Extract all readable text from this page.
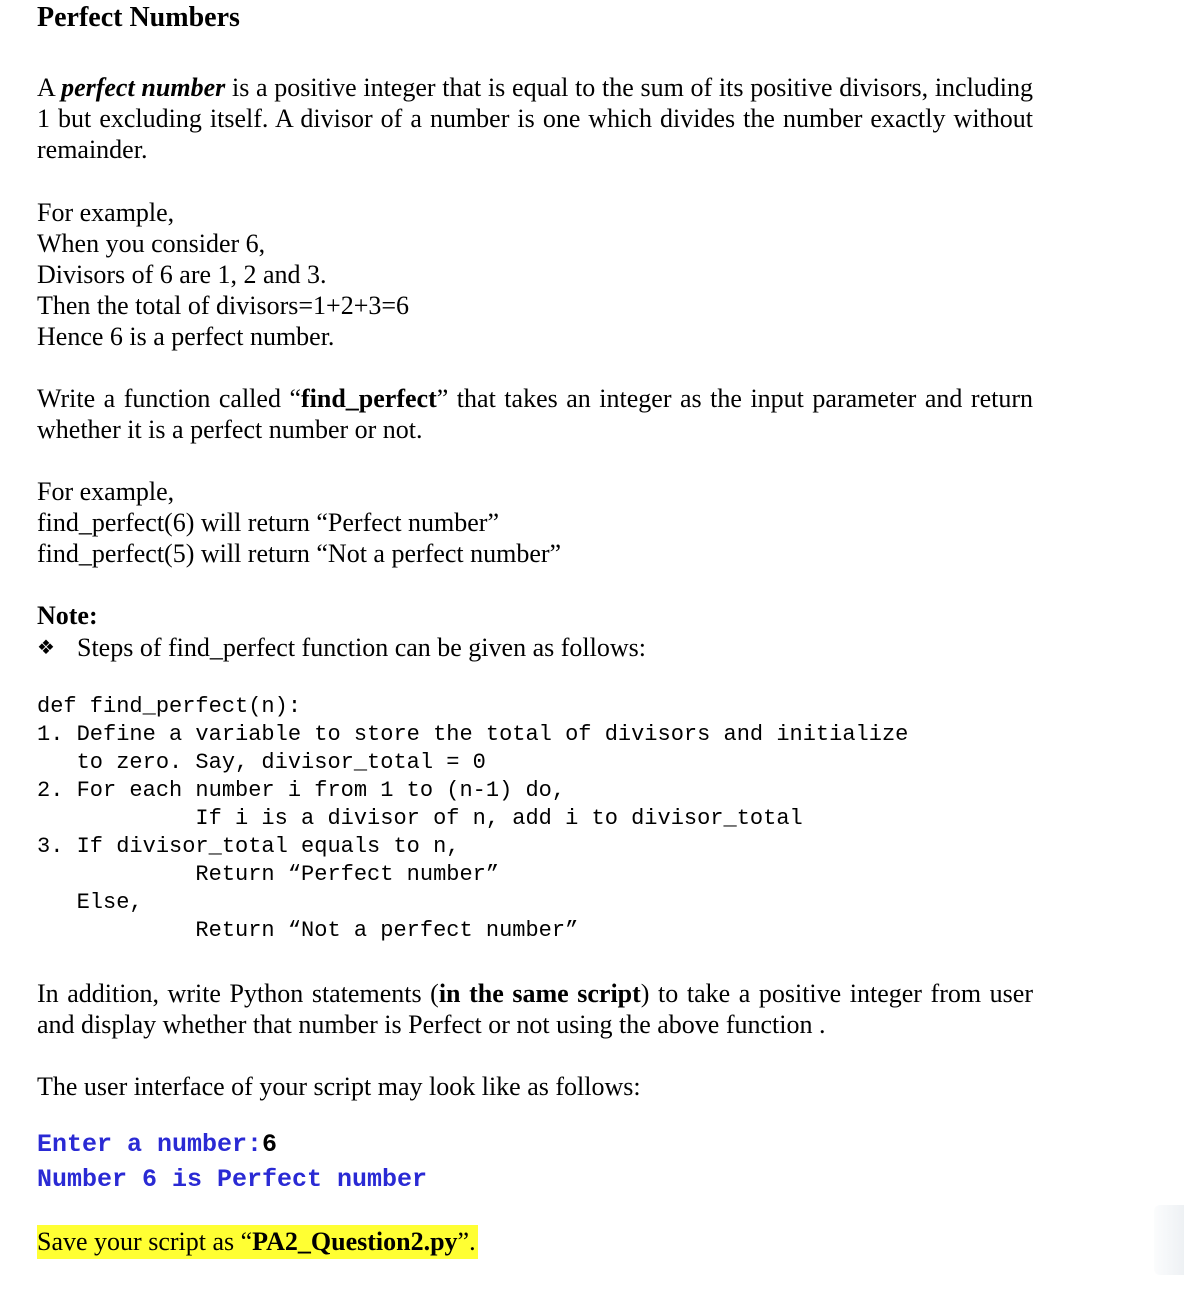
Perfect Numbers

A perfect number is a positive integer that is equal to the sum of its positive divisors, including 1 but excluding itself. A divisor of a number is one which divides the number exactly without remainder.

For example,
When you consider 6,
Divisors of 6 are 1, 2 and 3.
Then the total of divisors=1+2+3=6
Hence 6 is a perfect number.

Write a function called “find_perfect” that takes an integer as the input parameter and return whether it is a perfect number or not.

For example,
find_perfect(6) will return “Perfect number”
find_perfect(5) will return “Not a perfect number”
Note:
❖ Steps of find_perfect function can be given as follows:
def find_perfect(n):
1. Define a variable to store the total of divisors and initialize
to zero. Say, divisor_total = 0
2. For each number i from 1 to (n-1) do,
If i is a divisor of n, add i to divisor_total
3. If divisor_total equals to n,
Return “Perfect number”
Else,
Return “Not a perfect number”

In addition, write Python statements (in the same script) to take a positive integer from user and display whether that number is Perfect or not using the above function .

The user interface of your script may look like as follows:
Enter a number:6
Number 6 is Perfect number
Save your script as “PA2_Question2.py”.
